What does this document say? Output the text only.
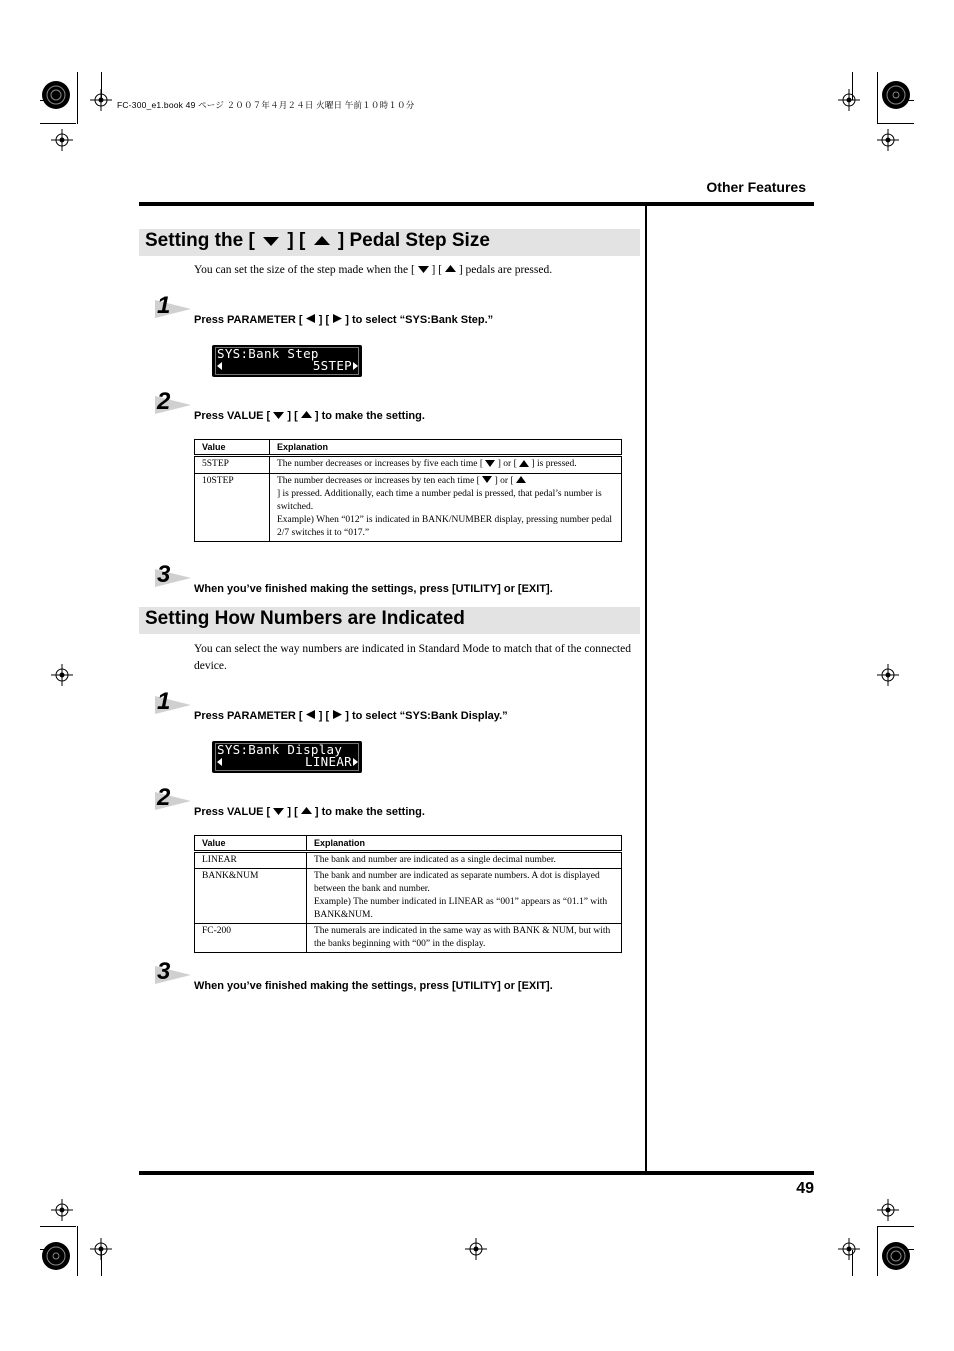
FC-300_e1.book 49 ページ ２００７年４月２４日 火曜日 午前１０時１０分
Other Features
Setting the [ ] [ ] Pedal Step Size
You can set the size of the step made when the [ ] [ ] pedals are pressed.
1
Press PARAMETER [ ] [ ] to select “SYS:Bank Step.”
SYS:Bank Step
5STEP
2
Press VALUE [ ] [ ] to make the setting.
Value	Explanation
5STEP	The number decreases or increases by five each time [ ] or [ ] is pressed.
10STEP	The number decreases or increases by ten each time [ ] or [  ] is pressed. Additionally, each time a number pedal is pressed, that pedal’s number is switched.
Example) When “012” is indicated in BANK/NUMBER display, pressing number pedal 2/7 switches it to “017.”
3
When you’ve finished making the settings, press [UTILITY] or [EXIT].
Setting How Numbers are Indicated
You can select the way numbers are indicated in Standard Mode to match that of the connected device.
1
Press PARAMETER [ ] [ ] to select “SYS:Bank Display.”
SYS:Bank Display
LINEAR
2
Press VALUE [ ] [ ] to make the setting.
Value	Explanation
LINEAR	The bank and number are indicated as a single decimal number.
BANK&NUM	The bank and number are indicated as separate numbers. A dot is displayed between the bank and number.
Example) The number indicated in LINEAR as “001” appears as “01.1” with BANK&NUM.

FC-200	The numerals are indicated in the same way as with BANK & NUM, but with the banks beginning with “00” in the display.
3
When you’ve finished making the settings, press [UTILITY] or [EXIT].
49
